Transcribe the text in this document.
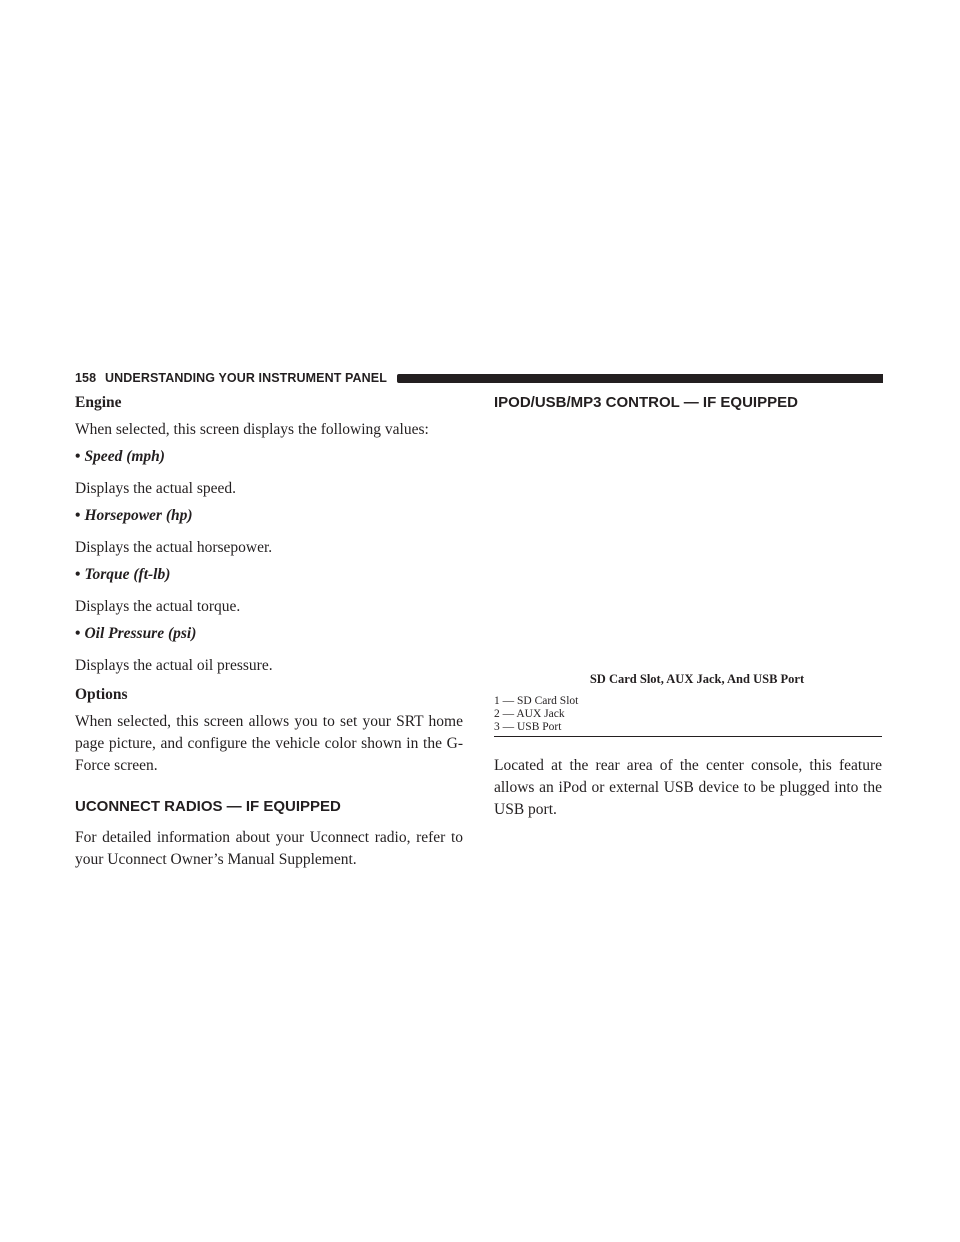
158 UNDERSTANDING YOUR INSTRUMENT PANEL

Engine

When selected, this screen displays the following values:

• Speed (mph)

Displays the actual speed.

• Horsepower (hp)

Displays the actual horsepower.

• Torque (ft-lb)

Displays the actual torque.

• Oil Pressure (psi)

Displays the actual oil pressure.

Options

When selected, this screen allows you to set your SRT home page picture, and configure the vehicle color shown in the G-Force screen.

UCONNECT RADIOS — IF EQUIPPED

For detailed information about your Uconnect radio, refer to your Uconnect Owner’s Manual Supplement.

IPOD/USB/MP3 CONTROL — IF EQUIPPED

SD Card Slot, AUX Jack, And USB Port

1 — SD Card Slot

2 — AUX Jack

3 — USB Port

Located at the rear area of the center console, this feature allows an iPod or external USB device to be plugged into the USB port.
